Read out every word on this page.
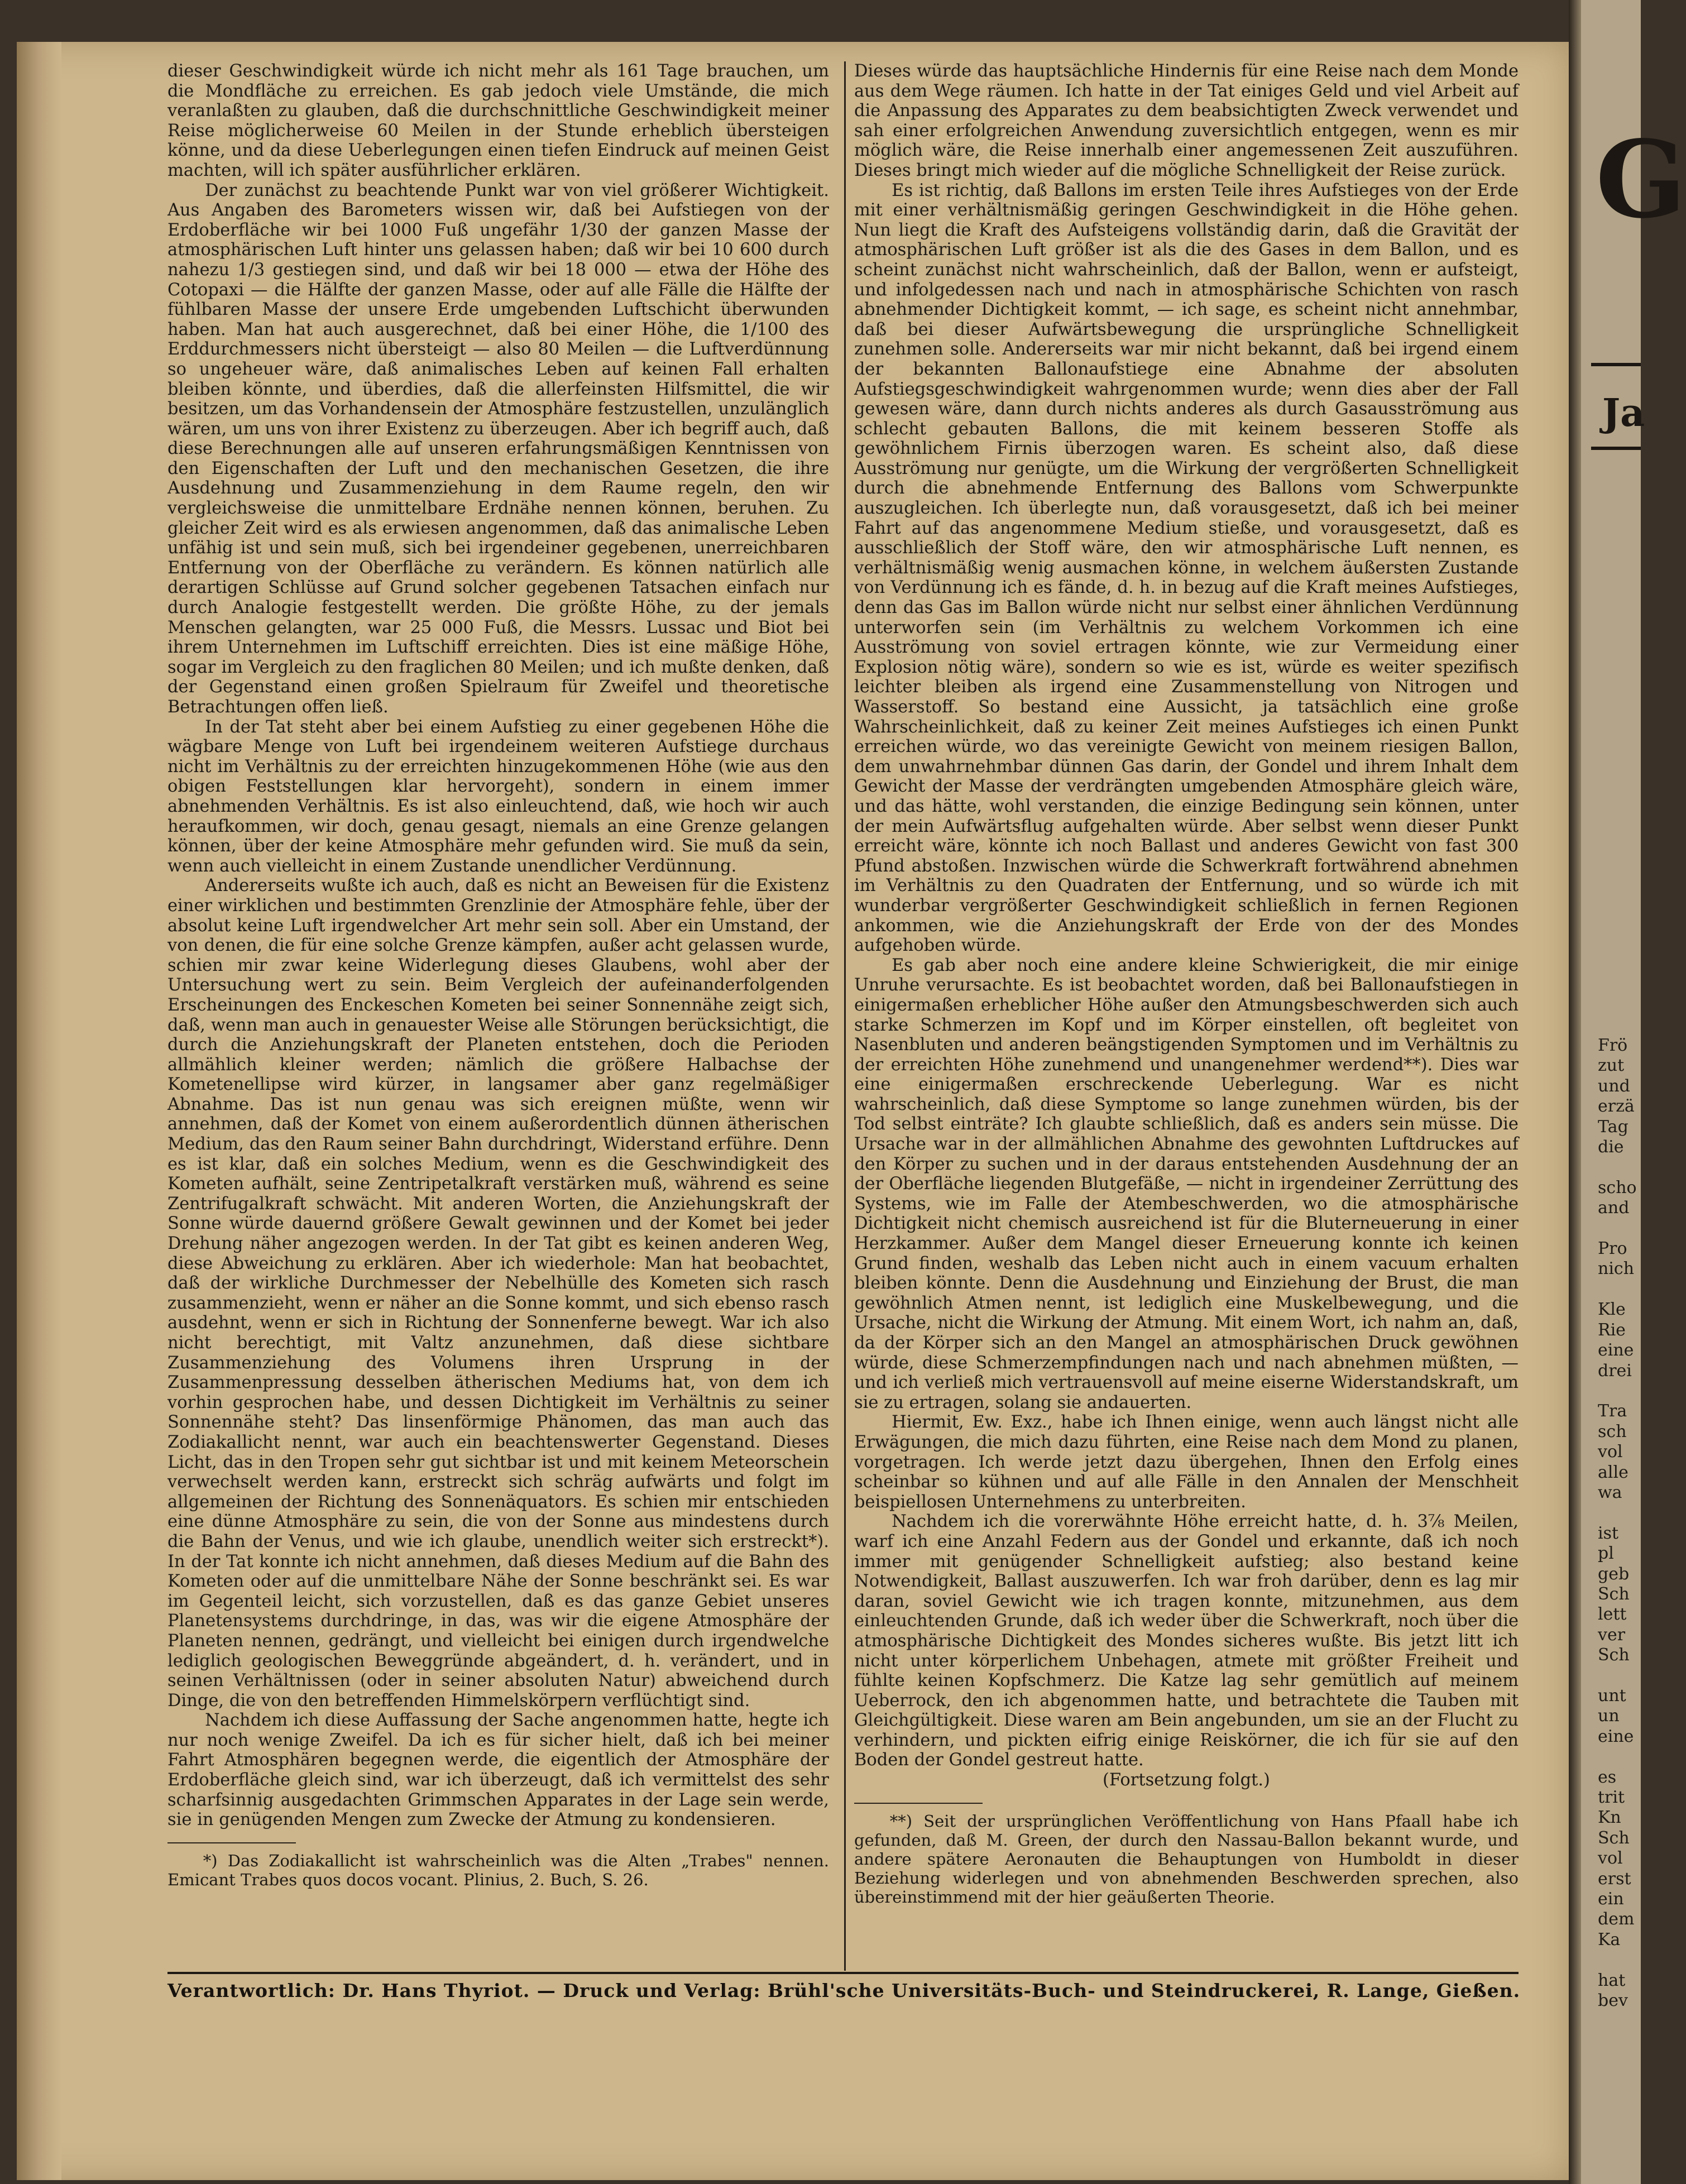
dieser Geschwindigkeit würde ich nicht mehr als 161 Tage brauchen, um die Mondfläche zu erreichen. Es gab jedoch viele Umstände, die mich veranlaßten zu glauben, daß die durchschnittliche Geschwindigkeit meiner Reise möglicherweise 60 Meilen in der Stunde erheblich übersteigen könne, und da diese Ueberlegungen einen tiefen Eindruck auf meinen Geist machten, will ich später ausführlicher erklären.

Der zunächst zu beachtende Punkt war von viel größerer Wichtigkeit. Aus Angaben des Barometers wissen wir, daß bei Aufstiegen von der Erdoberfläche wir bei 1000 Fuß ungefähr 1/30 der ganzen Masse der atmosphärischen Luft hinter uns gelassen haben; daß wir bei 10 600 durch nahezu 1/3 gestiegen sind, und daß wir bei 18 000 — etwa der Höhe des Cotopaxi — die Hälfte der ganzen Masse, oder auf alle Fälle die Hälfte der fühlbaren Masse der unsere Erde umgebenden Luftschicht überwunden haben. Man hat auch ausgerechnet, daß bei einer Höhe, die 1/100 des Erddurchmessers nicht übersteigt — also 80 Meilen — die Luftverdünnung so ungeheuer wäre, daß animalisches Leben auf keinen Fall erhalten bleiben könnte, und überdies, daß die allerfeinsten Hilfsmittel, die wir besitzen, um das Vorhandensein der Atmosphäre festzustellen, unzulänglich wären, um uns von ihrer Existenz zu überzeugen. Aber ich begriff auch, daß diese Berechnungen alle auf unseren erfahrungsmäßigen Kenntnissen von den Eigenschaften der Luft und den mechanischen Gesetzen, die ihre Ausdehnung und Zusammenziehung in dem Raume regeln, den wir vergleichsweise die unmittelbare Erdnähe nennen können, beruhen. Zu gleicher Zeit wird es als erwiesen angenommen, daß das animalische Leben unfähig ist und sein muß, sich bei irgendeiner gegebenen, unerreichbaren Entfernung von der Oberfläche zu verändern. Es können natürlich alle derartigen Schlüsse auf Grund solcher gegebenen Tatsachen einfach nur durch Analogie festgestellt werden. Die größte Höhe, zu der jemals Menschen gelangten, war 25 000 Fuß, die Messrs. Lussac und Biot bei ihrem Unternehmen im Luftschiff erreichten. Dies ist eine mäßige Höhe, sogar im Vergleich zu den fraglichen 80 Meilen; und ich mußte denken, daß der Gegenstand einen großen Spielraum für Zweifel und theoretische Betrachtungen offen ließ.

In der Tat steht aber bei einem Aufstieg zu einer gegebenen Höhe die wägbare Menge von Luft bei irgendeinem weiteren Aufstiege durchaus nicht im Verhältnis zu der erreichten hinzugekommenen Höhe (wie aus den obigen Feststellungen klar hervorgeht), sondern in einem immer abnehmenden Verhältnis. Es ist also einleuchtend, daß, wie hoch wir auch heraufkommen, wir doch, genau gesagt, niemals an eine Grenze gelangen können, über der keine Atmosphäre mehr gefunden wird. Sie muß da sein, wenn auch vielleicht in einem Zustande unendlicher Verdünnung.

Andererseits wußte ich auch, daß es nicht an Beweisen für die Existenz einer wirklichen und bestimmten Grenzlinie der Atmosphäre fehle, über der absolut keine Luft irgendwelcher Art mehr sein soll. Aber ein Umstand, der von denen, die für eine solche Grenze kämpfen, außer acht gelassen wurde, schien mir zwar keine Widerlegung dieses Glaubens, wohl aber der Untersuchung wert zu sein. Beim Vergleich der aufeinanderfolgenden Erscheinungen des Enckeschen Kometen bei seiner Sonnennähe zeigt sich, daß, wenn man auch in genauester Weise alle Störungen berücksichtigt, die durch die Anziehungskraft der Planeten entstehen, doch die Perioden allmählich kleiner werden; nämlich die größere Halbachse der Kometenellipse wird kürzer, in langsamer aber ganz regelmäßiger Abnahme. Das ist nun genau was sich ereignen müßte, wenn wir annehmen, daß der Komet von einem außerordentlich dünnen ätherischen Medium, das den Raum seiner Bahn durchdringt, Widerstand erführe. Denn es ist klar, daß ein solches Medium, wenn es die Geschwindigkeit des Kometen aufhält, seine Zentripetalkraft verstärken muß, während es seine Zentrifugalkraft schwächt. Mit anderen Worten, die Anziehungskraft der Sonne würde dauernd größere Gewalt gewinnen und der Komet bei jeder Drehung näher angezogen werden. In der Tat gibt es keinen anderen Weg, diese Abweichung zu erklären. Aber ich wiederhole: Man hat beobachtet, daß der wirkliche Durchmesser der Nebelhülle des Kometen sich rasch zusammenzieht, wenn er näher an die Sonne kommt, und sich ebenso rasch ausdehnt, wenn er sich in Richtung der Sonnenferne bewegt. War ich also nicht berechtigt, mit Valtz anzunehmen, daß diese sichtbare Zusammenziehung des Volumens ihren Ursprung in der Zusammenpressung desselben ätherischen Mediums hat, von dem ich vorhin gesprochen habe, und dessen Dichtigkeit im Verhältnis zu seiner Sonnennähe steht? Das linsenförmige Phänomen, das man auch das Zodiakallicht nennt, war auch ein beachtenswerter Gegenstand. Dieses Licht, das in den Tropen sehr gut sichtbar ist und mit keinem Meteorschein verwechselt werden kann, erstreckt sich schräg aufwärts und folgt im allgemeinen der Richtung des Sonnenäquators. Es schien mir entschieden eine dünne Atmosphäre zu sein, die von der Sonne aus mindestens durch die Bahn der Venus, und wie ich glaube, unendlich weiter sich erstreckt*). In der Tat konnte ich nicht annehmen, daß dieses Medium auf die Bahn des Kometen oder auf die unmittelbare Nähe der Sonne beschränkt sei. Es war im Gegenteil leicht, sich vorzustellen, daß es das ganze Gebiet unseres Planetensystems durchdringe, in das, was wir die eigene Atmosphäre der Planeten nennen, gedrängt, und vielleicht bei einigen durch irgendwelche lediglich geologischen Beweggründe abgeändert, d. h. verändert, und in seinen Verhältnissen (oder in seiner absoluten Natur) abweichend durch Dinge, die von den betreffenden Himmelskörpern verflüchtigt sind.

Nachdem ich diese Auffassung der Sache angenommen hatte, hegte ich nur noch wenige Zweifel. Da ich es für sicher hielt, daß ich bei meiner Fahrt Atmosphären begegnen werde, die eigentlich der Atmosphäre der Erdoberfläche gleich sind, war ich überzeugt, daß ich vermittelst des sehr scharfsinnig ausgedachten Grimmschen Apparates in der Lage sein werde, sie in genügenden Mengen zum Zwecke der Atmung zu kondensieren.

*) Das Zodiakallicht ist wahrscheinlich was die Alten „Trabes" nennen. Emicant Trabes quos docos vocant. Plinius, 2. Buch, S. 26.

Dieses würde das hauptsächliche Hindernis für eine Reise nach dem Monde aus dem Wege räumen. Ich hatte in der Tat einiges Geld und viel Arbeit auf die Anpassung des Apparates zu dem beabsichtigten Zweck verwendet und sah einer erfolgreichen Anwendung zuversichtlich entgegen, wenn es mir möglich wäre, die Reise innerhalb einer angemessenen Zeit auszuführen. Dieses bringt mich wieder auf die mögliche Schnelligkeit der Reise zurück.

Es ist richtig, daß Ballons im ersten Teile ihres Aufstieges von der Erde mit einer verhältnismäßig geringen Geschwindigkeit in die Höhe gehen. Nun liegt die Kraft des Aufsteigens vollständig darin, daß die Gravität der atmosphärischen Luft größer ist als die des Gases in dem Ballon, und es scheint zunächst nicht wahrscheinlich, daß der Ballon, wenn er aufsteigt, und infolgedessen nach und nach in atmosphärische Schichten von rasch abnehmender Dichtigkeit kommt, — ich sage, es scheint nicht annehmbar, daß bei dieser Aufwärtsbewegung die ursprüngliche Schnelligkeit zunehmen solle. Andererseits war mir nicht bekannt, daß bei irgend einem der bekannten Ballonaufstiege eine Abnahme der absoluten Aufstiegsgeschwindigkeit wahrgenommen wurde; wenn dies aber der Fall gewesen wäre, dann durch nichts anderes als durch Gasausströmung aus schlecht gebauten Ballons, die mit keinem besseren Stoffe als gewöhnlichem Firnis überzogen waren. Es scheint also, daß diese Ausströmung nur genügte, um die Wirkung der vergrößerten Schnelligkeit durch die abnehmende Entfernung des Ballons vom Schwerpunkte auszugleichen. Ich überlegte nun, daß vorausgesetzt, daß ich bei meiner Fahrt auf das angenommene Medium stieße, und vorausgesetzt, daß es ausschließlich der Stoff wäre, den wir atmosphärische Luft nennen, es verhältnismäßig wenig ausmachen könne, in welchem äußersten Zustande von Verdünnung ich es fände, d. h. in bezug auf die Kraft meines Aufstieges, denn das Gas im Ballon würde nicht nur selbst einer ähnlichen Verdünnung unterworfen sein (im Verhältnis zu welchem Vorkommen ich eine Ausströmung von soviel ertragen könnte, wie zur Vermeidung einer Explosion nötig wäre), sondern so wie es ist, würde es weiter spezifisch leichter bleiben als irgend eine Zusammenstellung von Nitrogen und Wasserstoff. So bestand eine Aussicht, ja tatsächlich eine große Wahrscheinlichkeit, daß zu keiner Zeit meines Aufstieges ich einen Punkt erreichen würde, wo das vereinigte Gewicht von meinem riesigen Ballon, dem unwahrnehmbar dünnen Gas darin, der Gondel und ihrem Inhalt dem Gewicht der Masse der verdrängten umgebenden Atmosphäre gleich wäre, und das hätte, wohl verstanden, die einzige Bedingung sein können, unter der mein Aufwärtsflug aufgehalten würde. Aber selbst wenn dieser Punkt erreicht wäre, könnte ich noch Ballast und anderes Gewicht von fast 300 Pfund abstoßen. Inzwischen würde die Schwerkraft fortwährend abnehmen im Verhältnis zu den Quadraten der Entfernung, und so würde ich mit wunderbar vergrößerter Geschwindigkeit schließlich in fernen Regionen ankommen, wie die Anziehungskraft der Erde von der des Mondes aufgehoben würde.

Es gab aber noch eine andere kleine Schwierigkeit, die mir einige Unruhe verursachte. Es ist beobachtet worden, daß bei Ballonaufstiegen in einigermaßen erheblicher Höhe außer den Atmungsbeschwerden sich auch starke Schmerzen im Kopf und im Körper einstellen, oft begleitet von Nasenbluten und anderen beängstigenden Symptomen und im Verhältnis zu der erreichten Höhe zunehmend und unangenehmer werdend**). Dies war eine einigermaßen erschreckende Ueberlegung. War es nicht wahrscheinlich, daß diese Symptome so lange zunehmen würden, bis der Tod selbst einträte? Ich glaubte schließlich, daß es anders sein müsse. Die Ursache war in der allmählichen Abnahme des gewohnten Luftdruckes auf den Körper zu suchen und in der daraus entstehenden Ausdehnung der an der Oberfläche liegenden Blutgefäße, — nicht in irgendeiner Zerrüttung des Systems, wie im Falle der Atembeschwerden, wo die atmosphärische Dichtigkeit nicht chemisch ausreichend ist für die Bluterneuerung in einer Herzkammer. Außer dem Mangel dieser Erneuerung konnte ich keinen Grund finden, weshalb das Leben nicht auch in einem vacuum erhalten bleiben könnte. Denn die Ausdehnung und Einziehung der Brust, die man gewöhnlich Atmen nennt, ist lediglich eine Muskelbewegung, und die Ursache, nicht die Wirkung der Atmung. Mit einem Wort, ich nahm an, daß, da der Körper sich an den Mangel an atmosphärischen Druck gewöhnen würde, diese Schmerzempfindungen nach und nach abnehmen müßten, — und ich verließ mich vertrauensvoll auf meine eiserne Widerstandskraft, um sie zu ertragen, solang sie andauerten.

Hiermit, Ew. Exz., habe ich Ihnen einige, wenn auch längst nicht alle Erwägungen, die mich dazu führten, eine Reise nach dem Mond zu planen, vorgetragen. Ich werde jetzt dazu übergehen, Ihnen den Erfolg eines scheinbar so kühnen und auf alle Fälle in den Annalen der Menschheit beispiellosen Unternehmens zu unterbreiten.

Nachdem ich die vorerwähnte Höhe erreicht hatte, d. h. 3⅞ Meilen, warf ich eine Anzahl Federn aus der Gondel und erkannte, daß ich noch immer mit genügender Schnelligkeit aufstieg; also bestand keine Notwendigkeit, Ballast auszuwerfen. Ich war froh darüber, denn es lag mir daran, soviel Gewicht wie ich tragen konnte, mitzunehmen, aus dem einleuchtenden Grunde, daß ich weder über die Schwerkraft, noch über die atmosphärische Dichtigkeit des Mondes sicheres wußte. Bis jetzt litt ich nicht unter körperlichem Unbehagen, atmete mit größter Freiheit und fühlte keinen Kopfschmerz. Die Katze lag sehr gemütlich auf meinem Ueberrock, den ich abgenommen hatte, und betrachtete die Tauben mit Gleichgültigkeit. Diese waren am Bein angebunden, um sie an der Flucht zu verhindern, und pickten eifrig einige Reiskörner, die ich für sie auf den Boden der Gondel gestreut hatte.

(Fortsetzung folgt.)

**) Seit der ursprünglichen Veröffentlichung von Hans Pfaall habe ich gefunden, daß M. Green, der durch den Nassau-Ballon bekannt wurde, und andere spätere Aeronauten die Behauptungen von Humboldt in dieser Beziehung widerlegen und von abnehmenden Beschwerden sprechen, also übereinstimmend mit der hier geäußerten Theorie.

Verantwortlich: Dr. Hans Thyriot. — Druck und Verlag: Brühl'sche Universitäts-Buch- und Steindruckerei, R. Lange, Gießen.
G
Ja
Frö
zut
und
erzä
Tag
die

scho
and

Pro
nich

Kle
Rie
eine
drei

Tra
sch
vol
alle
wa

ist
pl
geb
Sch
lett
ver
Sch

unt
un
eine

es
trit
Kn
Sch
vol
erst
ein
dem
Ka

hat
bev
